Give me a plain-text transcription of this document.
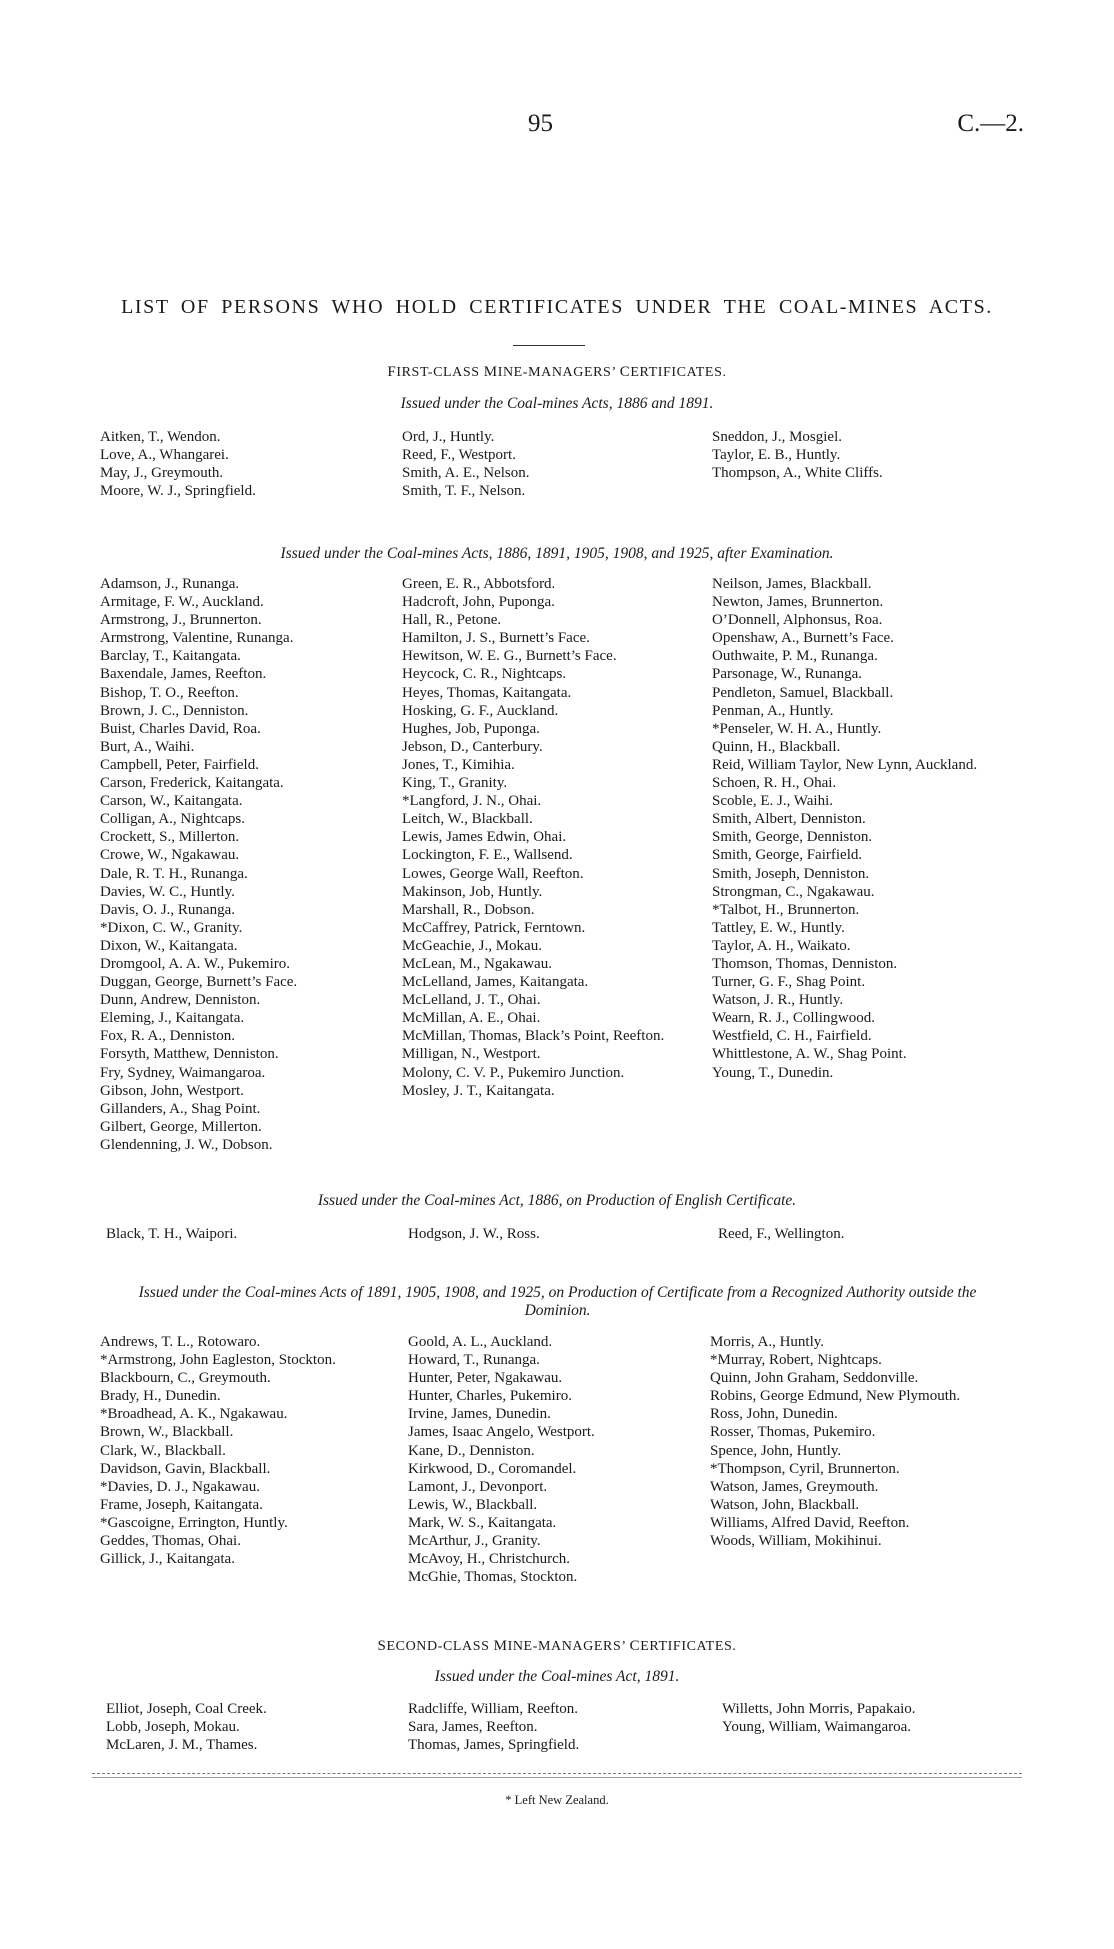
95	C.—2.
LIST OF PERSONS WHO HOLD CERTIFICATES UNDER THE COAL-MINES ACTS.
FIRST-CLASS MINE-MANAGERS’ CERTIFICATES.
Issued under the Coal-mines Acts, 1886 and 1891.
Aitken, T., Wendon.
Love, A., Whangarei.
May, J., Greymouth.
Moore, W. J., Springfield.
Ord, J., Huntly.
Reed, F., Westport.
Smith, A. E., Nelson.
Smith, T. F., Nelson.
Sneddon, J., Mosgiel.
Taylor, E. B., Huntly.
Thompson, A., White Cliffs.
Issued under the Coal-mines Acts, 1886, 1891, 1905, 1908, and 1925, after Examination.
Adamson, J., Runanga.
Armitage, F. W., Auckland.
Armstrong, J., Brunnerton.
Armstrong, Valentine, Runanga.
Barclay, T., Kaitangata.
Baxendale, James, Reefton.
Bishop, T. O., Reefton.
Brown, J. C., Denniston.
Buist, Charles David, Roa.
Burt, A., Waihi.
Campbell, Peter, Fairfield.
Carson, Frederick, Kaitangata.
Carson, W., Kaitangata.
Colligan, A., Nightcaps.
Crockett, S., Millerton.
Crowe, W., Ngakawau.
Dale, R. T. H., Runanga.
Davies, W. C., Huntly.
Davis, O. J., Runanga.
*Dixon, C. W., Granity.
Dixon, W., Kaitangata.
Dromgool, A. A. W., Pukemiro.
Duggan, George, Burnett’s Face.
Dunn, Andrew, Denniston.
Eleming, J., Kaitangata.
Fox, R. A., Denniston.
Forsyth, Matthew, Denniston.
Fry, Sydney, Waimangaroa.
Gibson, John, Westport.
Gillanders, A., Shag Point.
Gilbert, George, Millerton.
Glendenning, J. W., Dobson.
Green, E. R., Abbotsford.
Hadcroft, John, Puponga.
Hall, R., Petone.
Hamilton, J. S., Burnett’s Face.
Hewitson, W. E. G., Burnett’s Face.
Heycock, C. R., Nightcaps.
Heyes, Thomas, Kaitangata.
Hosking, G. F., Auckland.
Hughes, Job, Puponga.
Jebson, D., Canterbury.
Jones, T., Kimihia.
King, T., Granity.
*Langford, J. N., Ohai.
Leitch, W., Blackball.
Lewis, James Edwin, Ohai.
Lockington, F. E., Wallsend.
Lowes, George Wall, Reefton.
Makinson, Job, Huntly.
Marshall, R., Dobson.
McCaffrey, Patrick, Ferntown.
McGeachie, J., Mokau.
McLean, M., Ngakawau.
McLelland, James, Kaitangata.
McLelland, J. T., Ohai.
McMillan, A. E., Ohai.
McMillan, Thomas, Black’s Point, Reefton.
Milligan, N., Westport.
Molony, C. V. P., Pukemiro Junction.
Mosley, J. T., Kaitangata.
Neilson, James, Blackball.
Newton, James, Brunnerton.
O’Donnell, Alphonsus, Roa.
Openshaw, A., Burnett’s Face.
Outhwaite, P. M., Runanga.
Parsonage, W., Runanga.
Pendleton, Samuel, Blackball.
Penman, A., Huntly.
*Penseler, W. H. A., Huntly.
Quinn, H., Blackball.
Reid, William Taylor, New Lynn, Auckland.
Schoen, R. H., Ohai.
Scoble, E. J., Waihi.
Smith, Albert, Denniston.
Smith, George, Denniston.
Smith, George, Fairfield.
Smith, Joseph, Denniston.
Strongman, C., Ngakawau.
*Talbot, H., Brunnerton.
Tattley, E. W., Huntly.
Taylor, A. H., Waikato.
Thomson, Thomas, Denniston.
Turner, G. F., Shag Point.
Watson, J. R., Huntly.
Wearn, R. J., Collingwood.
Westfield, C. H., Fairfield.
Whittlestone, A. W., Shag Point.
Young, T., Dunedin.
Issued under the Coal-mines Act, 1886, on Production of English Certificate.
Black, T. H., Waipori.	Hodgson, J. W., Ross.	Reed, F., Wellington.
Issued under the Coal-mines Acts of 1891, 1905, 1908, and 1925, on Production of Certificate from a Recognized Authority outside the Dominion.
Andrews, T. L., Rotowaro.
*Armstrong, John Eagleston, Stockton.
Blackbourn, C., Greymouth.
Brady, H., Dunedin.
*Broadhead, A. K., Ngakawau.
Brown, W., Blackball.
Clark, W., Blackball.
Davidson, Gavin, Blackball.
*Davies, D. J., Ngakawau.
Frame, Joseph, Kaitangata.
*Gascoigne, Errington, Huntly.
Geddes, Thomas, Ohai.
Gillick, J., Kaitangata.
Goold, A. L., Auckland.
Howard, T., Runanga.
Hunter, Peter, Ngakawau.
Hunter, Charles, Pukemiro.
Irvine, James, Dunedin.
James, Isaac Angelo, Westport.
Kane, D., Denniston.
Kirkwood, D., Coromandel.
Lamont, J., Devonport.
Lewis, W., Blackball.
Mark, W. S., Kaitangata.
McArthur, J., Granity.
McAvoy, H., Christchurch.
McGhie, Thomas, Stockton.
Morris, A., Huntly.
*Murray, Robert, Nightcaps.
Quinn, John Graham, Seddonville.
Robins, George Edmund, New Plymouth.
Ross, John, Dunedin.
Rosser, Thomas, Pukemiro.
Spence, John, Huntly.
*Thompson, Cyril, Brunnerton.
Watson, James, Greymouth.
Watson, John, Blackball.
Williams, Alfred David, Reefton.
Woods, William, Mokihinui.
SECOND-CLASS MINE-MANAGERS’ CERTIFICATES.
Issued under the Coal-mines Act, 1891.
Elliot, Joseph, Coal Creek.
Lobb, Joseph, Mokau.
McLaren, J. M., Thames.
Radcliffe, William, Reefton.
Sara, James, Reefton.
Thomas, James, Springfield.
Willetts, John Morris, Papakaio.
Young, William, Waimangaroa.
* Left New Zealand.
